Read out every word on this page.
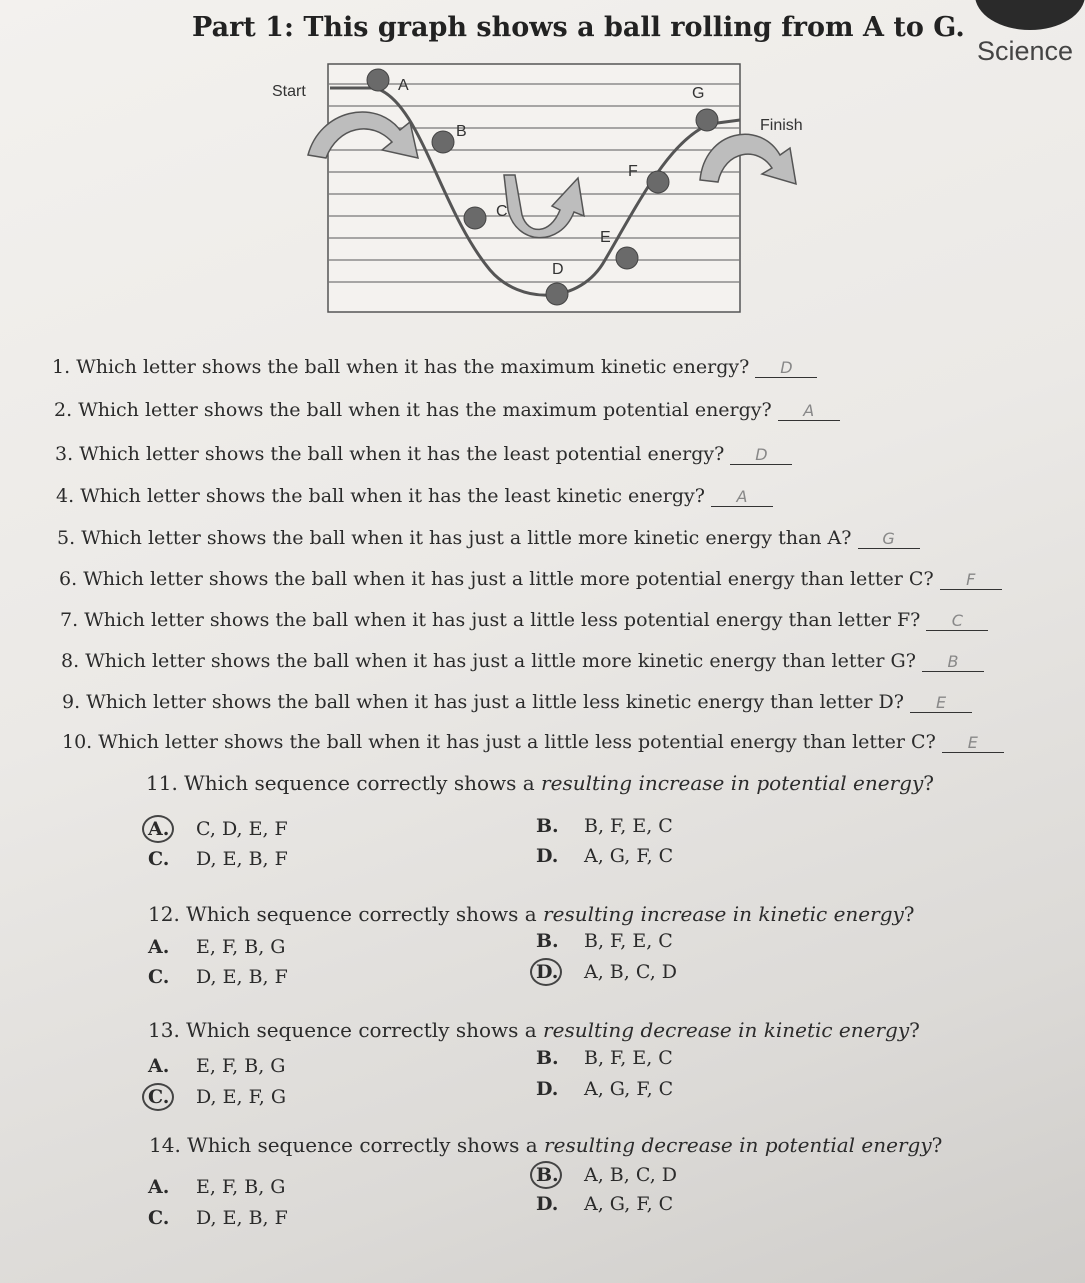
Science
Part 1: This graph shows a ball rolling from A to G.
Start
Finish
A
B
C
D
E
F
G
1. Which letter shows the ball when it has the maximum kinetic energy? D
2. Which letter shows the ball when it has the maximum potential energy? A
3. Which letter shows the ball when it has the least potential energy? D
4. Which letter shows the ball when it has the least kinetic energy? A
5. Which letter shows the ball when it has just a little more kinetic energy than A? G
6. Which letter shows the ball when it has just a little more potential energy than letter C? F
7. Which letter shows the ball when it has just a little less potential energy than letter F? C
8. Which letter shows the ball when it has just a little more kinetic energy than letter G? B
9. Which letter shows the ball when it has just a little less kinetic energy than letter D? E
10. Which letter shows the ball when it has just a little less potential energy than letter C? E
11. Which sequence correctly shows a resulting increase in potential energy?
A. C, D, E, F	B. B, F, E, C
C. D, E, B, F	D. A, G, F, C
12. Which sequence correctly shows a resulting increase in kinetic energy?
A. E, F, B, G	B. B, F, E, C
C. D, E, B, F	D. A, B, C, D
13. Which sequence correctly shows a resulting decrease in kinetic energy?
A. E, F, B, G	B. B, F, E, C
C. D, E, F, G	D. A, G, F, C
14. Which sequence correctly shows a resulting decrease in potential energy?
A. E, F, B, G
B. A, B, C, D
C. D, E, B, F
D. A, G, F, C
